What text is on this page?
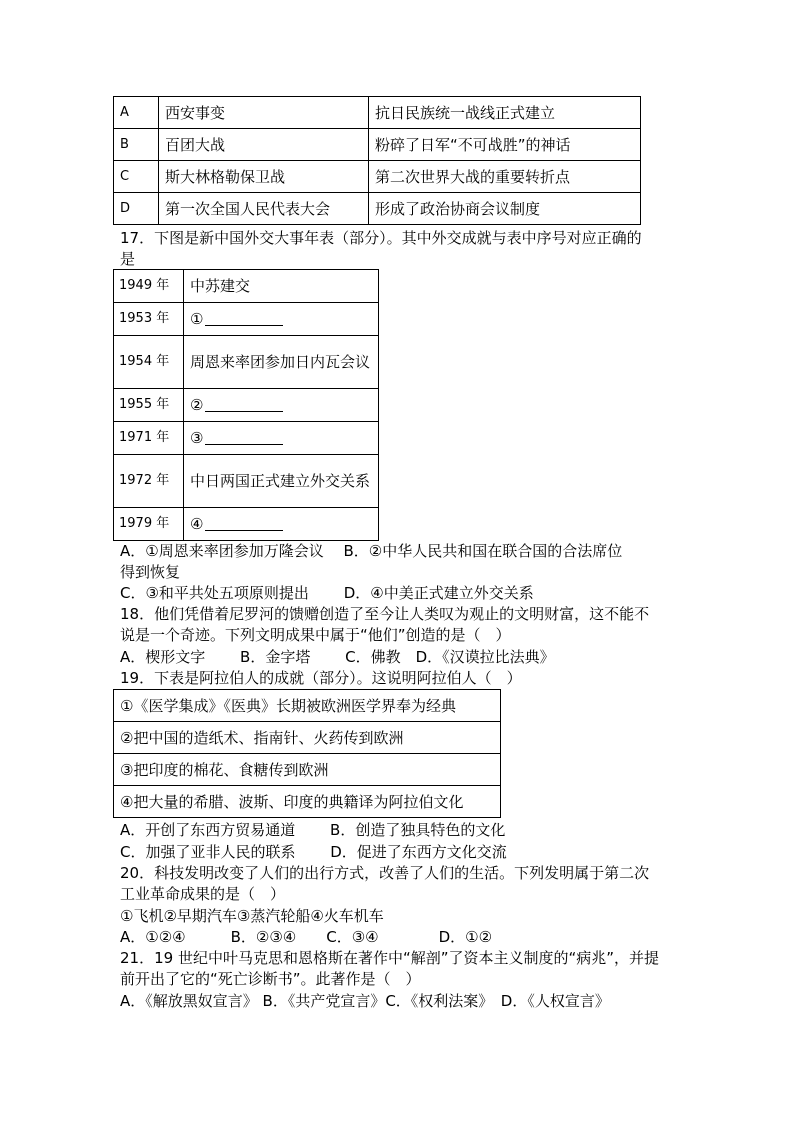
A	西安事变	抗日民族统一战线正式建立
B	百团大战	粉碎了日军“不可战胜”的神话
C	斯大林格勒保卫战	第二次世界大战的重要转折点
D	第一次全国人民代表大会	形成了政治协商会议制度
17．下图是新中国外交大事年表（部分）。其中外交成就与表中序号对应正确的
是
1949 年	中苏建交
1953 年	①
1954 年	周恩来率团参加日内瓦会议
1955 年	②
1971 年	③
1972 年	中日两国正式建立外交关系
1979 年	④
A．①周恩来率团参加万隆会议　 B．②中华人民共和国在联合国的合法席位
得到恢复
C．③和平共处五项原则提出　　 D．④中美正式建立外交关系
18．他们凭借着尼罗河的馈赠创造了至今让人类叹为观止的文明财富，这不能不
说是一个奇迹。下列文明成果中属于“他们”创造的是（　）
A．楔形文字　　 B．金字塔　　 C．佛教　D．《汉谟拉比法典》
19．下表是阿拉伯人的成就（部分）。这说明阿拉伯人（　）
①《医学集成》《医典》长期被欧洲医学界奉为经典
②把中国的造纸术、指南针、火药传到欧洲
③把印度的棉花、食糖传到欧洲
④把大量的希腊、波斯、印度的典籍译为阿拉伯文化
A．开创了东西方贸易通道　　 B．创造了独具特色的文化
C．加强了亚非人民的联系　　 D．促进了东西方文化交流
20．科技发明改变了人们的出行方式，改善了人们的生活。下列发明属于第二次
工业革命成果的是（　）
①飞机②早期汽车③蒸汽轮船④火车机车
A．①②④　　　B．②③④　　C．③④　　　　D．①②
21．19 世纪中叶马克思和恩格斯在著作中“解剖”了资本主义制度的“病兆”，并提
前开出了它的“死亡诊断书”。此著作是（　）
A．《解放黑奴宣言》 B．《共产党宣言》C．《权利法案》　D．《人权宣言》
